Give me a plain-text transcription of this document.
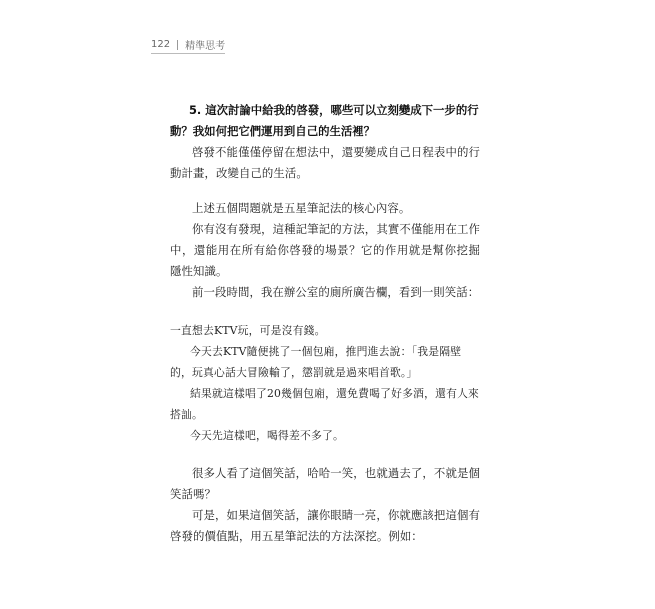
122 精準思考

5. 這次討論中給我的啓發，哪些可以立刻變成下一步的行

動？我如何把它們運用到自己的生活裡？

啓發不能僅僅停留在想法中，還要變成自己日程表中的行動計畫，改變自己的生活。

上述五個問題就是五星筆記法的核心內容。

你有沒有發現，這種記筆記的方法，其實不僅能用在工作中，還能用在所有給你啓發的場景？它的作用就是幫你挖掘隱性知識。

前一段時間，我在辦公室的廁所廣告欄，看到一則笑話：

一直想去KTV玩，可是沒有錢。

今天去KTV隨便挑了一個包廂，推門進去說：「我是隔壁的，玩真心話大冒險輸了，懲罰就是過來唱首歌。」

結果就這樣唱了20幾個包廂，還免費喝了好多酒，還有人來搭訕。

今天先這樣吧，喝得差不多了。

很多人看了這個笑話，哈哈一笑，也就過去了，不就是個笑話嗎？

可是，如果這個笑話，讓你眼睛一亮，你就應該把這個有啓發的價值點，用五星筆記法的方法深挖。例如：
